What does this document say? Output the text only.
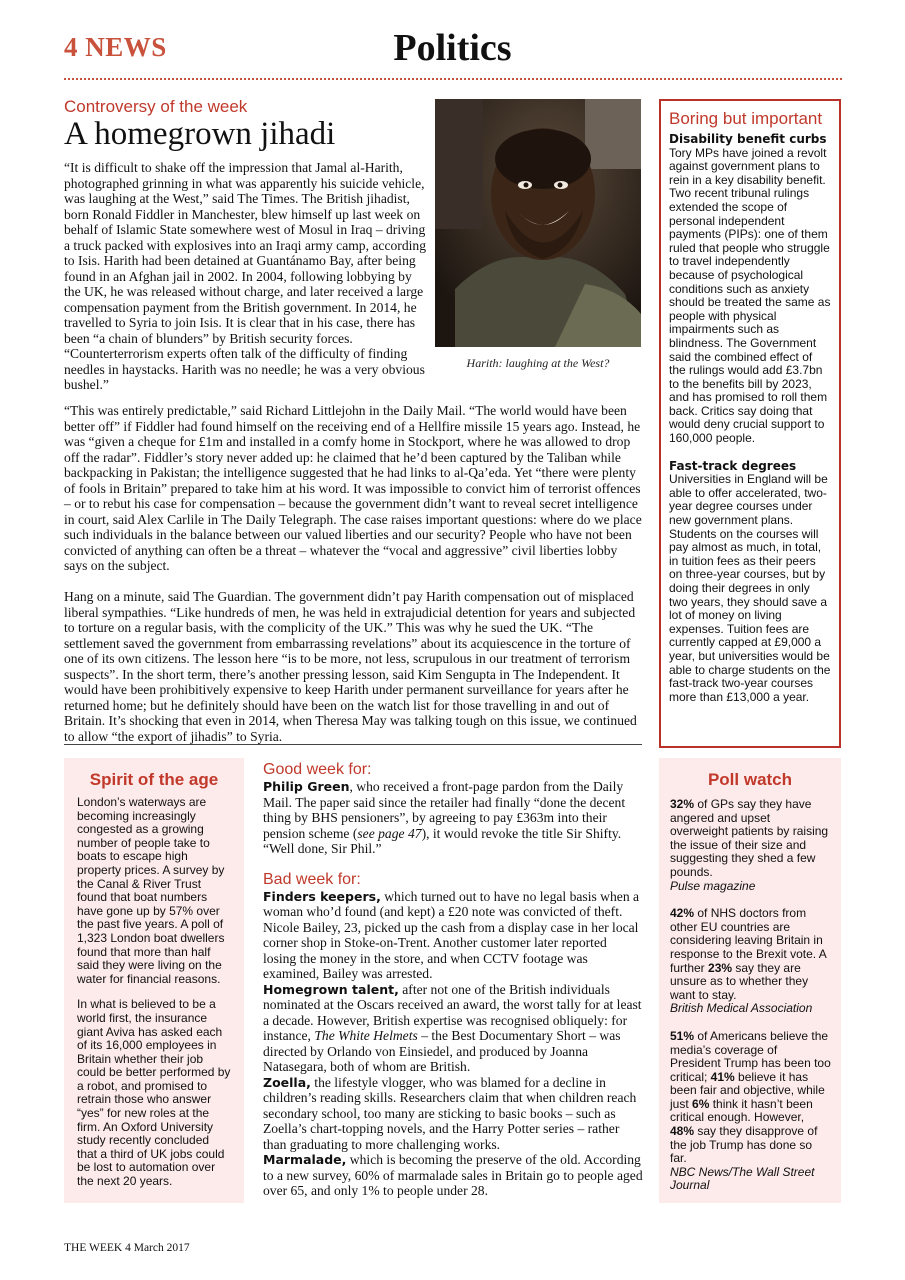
4 NEWS	Politics
Controversy of the week
A homegrown jihadi

“It is difficult to shake off the impression that Jamal al-Harith, photographed grinning in what was apparently his suicide vehicle, was laughing at the West,” said The Times. The British jihadist, born Ronald Fiddler in Manchester, blew himself up last week on behalf of Islamic State somewhere west of Mosul in Iraq – driving a truck packed with explosives into an Iraqi army camp, according to Isis. Harith had been detained at Guantánamo Bay, after being found in an Afghan jail in 2002. In 2004, following lobbying by the UK, he was released without charge, and later received a large compensation payment from the British government. In 2014, he travelled to Syria to join Isis. It is clear that in his case, there has been “a chain of blunders” by British security forces. “Counterterrorism experts often talk of the difficulty of finding needles in haystacks. Harith was no needle; he was a very obvious bushel.”

Harith: laughing at the West?

“This was entirely predictable,” said Richard Littlejohn in the Daily Mail. “The world would have been better off” if Fiddler had found himself on the receiving end of a Hellfire missile 15 years ago. Instead, he was “given a cheque for £1m and installed in a comfy home in Stockport, where he was allowed to drop off the radar”. Fiddler’s story never added up: he claimed that he’d been captured by the Taliban while backpacking in Pakistan; the intelligence suggested that he had links to al-Qa’eda. Yet “there were plenty of fools in Britain” prepared to take him at his word. It was impossible to convict him of terrorist offences – or to rebut his case for compensation – because the government didn’t want to reveal secret intelligence in court, said Alex Carlile in The Daily Telegraph. The case raises important questions: where do we place such individuals in the balance between our valued liberties and our security? People who have not been convicted of anything can often be a threat – whatever the “vocal and aggressive” civil liberties lobby says on the subject.

Hang on a minute, said The Guardian. The government didn’t pay Harith compensation out of misplaced liberal sympathies. “Like hundreds of men, he was held in extrajudicial detention for years and subjected to torture on a regular basis, with the complicity of the UK.” This was why he sued the UK. “The settlement saved the government from embarrassing revelations” about its acquiescence in the torture of one of its own citizens. The lesson here “is to be more, not less, scrupulous in our treatment of terrorism suspects”. In the short term, there’s another pressing lesson, said Kim Sengupta in The Independent. It would have been prohibitively expensive to keep Harith under permanent surveillance for years after he returned home; but he definitely should have been on the watch list for those travelling in and out of Britain. It’s shocking that even in 2014, when Theresa May was talking tough on this issue, we continued to allow “the export of jihadis” to Syria.

Boring but important

Disability benefit curbs
Tory MPs have joined a revolt against government plans to rein in a key disability benefit. Two recent tribunal rulings extended the scope of personal independent payments (PIPs): one of them ruled that people who struggle to travel independently because of psychological conditions such as anxiety should be treated the same as people with physical impairments such as blindness. The Government said the combined effect of the rulings would add £3.7bn to the benefits bill by 2023, and has promised to roll them back. Critics say doing that would deny crucial support to 160,000 people.

Fast-track degrees
Universities in England will be able to offer accelerated, two-year degree courses under new government plans. Students on the courses will pay almost as much, in total, in tuition fees as their peers on three-year courses, but by doing their degrees in only two years, they should save a lot of money on living expenses. Tuition fees are currently capped at £9,000 a year, but universities would be able to charge students on the fast-track two-year courses more than £13,000 a year.

Spirit of the age

London’s waterways are becoming increasingly congested as a growing number of people take to boats to escape high property prices. A survey by the Canal & River Trust found that boat numbers have gone up by 57% over the past five years. A poll of 1,323 London boat dwellers found that more than half said they were living on the water for financial reasons.

In what is believed to be a world first, the insurance giant Aviva has asked each of its 16,000 employees in Britain whether their job could be better performed by a robot, and promised to retrain those who answer “yes” for new roles at the firm. An Oxford University study recently concluded that a third of UK jobs could be lost to automation over the next 20 years.

Good week for:

Philip Green, who received a front-page pardon from the Daily Mail. The paper said since the retailer had finally “done the decent thing by BHS pensioners”, by agreeing to pay £363m into their pension scheme (see page 47), it would revoke the title Sir Shifty. “Well done, Sir Phil.”

Bad week for:

Finders keepers, which turned out to have no legal basis when a woman who’d found (and kept) a £20 note was convicted of theft. Nicole Bailey, 23, picked up the cash from a display case in her local corner shop in Stoke-on-Trent. Another customer later reported losing the money in the store, and when CCTV footage was examined, Bailey was arrested.

Homegrown talent, after not one of the British individuals nominated at the Oscars received an award, the worst tally for at least a decade. However, British expertise was recognised obliquely: for instance, The White Helmets – the Best Documentary Short – was directed by Orlando von Einsiedel, and produced by Joanna Natasegara, both of whom are British.

Zoella, the lifestyle vlogger, who was blamed for a decline in children’s reading skills. Researchers claim that when children reach secondary school, too many are sticking to basic books – such as Zoella’s chart-topping novels, and the Harry Potter series – rather than graduating to more challenging works.

Marmalade, which is becoming the preserve of the old. According to a new survey, 60% of marmalade sales in Britain go to people aged over 65, and only 1% to people under 28.

Poll watch

32% of GPs say they have angered and upset overweight patients by raising the issue of their size and suggesting they shed a few pounds.
Pulse magazine

42% of NHS doctors from other EU countries are considering leaving Britain in response to the Brexit vote. A further 23% say they are unsure as to whether they want to stay.
British Medical Association

51% of Americans believe the media’s coverage of President Trump has been too critical; 41% believe it has been fair and objective, while just 6% think it hasn’t been critical enough. However, 48% say they disapprove of the job Trump has done so far.
NBC News/The Wall Street Journal

THE WEEK 4 March 2017
